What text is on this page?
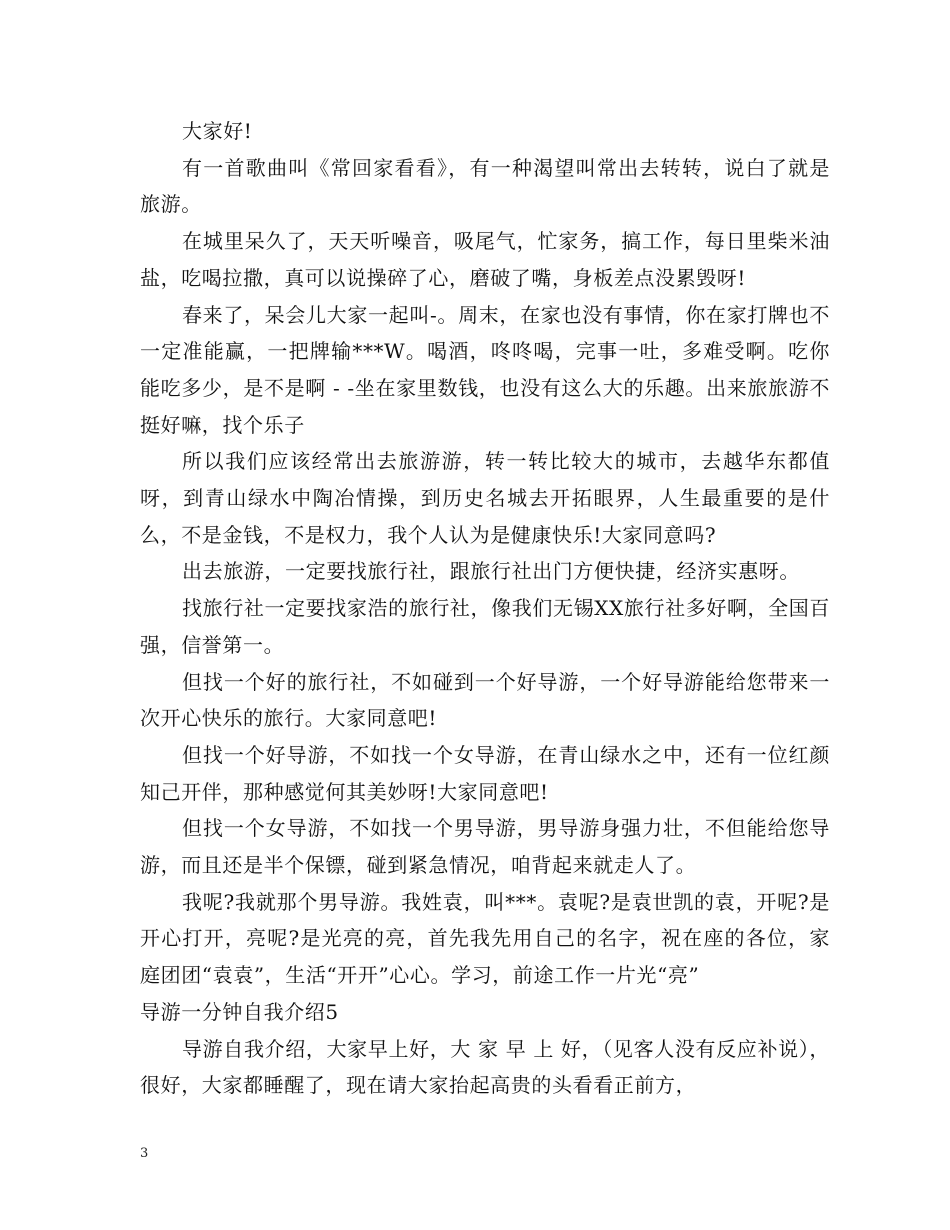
大家好!

有一首歌曲叫《常回家看看》，有一种渴望叫常出去转转，说白了就是旅游。

在城里呆久了，天天听噪音，吸尾气，忙家务，搞工作，每日里柴米油盐，吃喝拉撒，真可以说操碎了心，磨破了嘴，身板差点没累毁呀!

春来了，呆会儿大家一起叫-。周末，在家也没有事情，你在家打牌也不一定准能赢，一把牌输***W。喝酒，咚咚喝，完事一吐，多难受啊。吃你能吃多少，是不是啊 - -坐在家里数钱，也没有这么大的乐趣。出来旅旅游不挺好嘛，找个乐子

所以我们应该经常出去旅游游，转一转比较大的城市，去越华东都值呀，到青山绿水中陶冶情操，到历史名城去开拓眼界，人生最重要的是什么，不是金钱，不是权力，我个人认为是健康快乐!大家同意吗?

出去旅游，一定要找旅行社，跟旅行社出门方便快捷，经济实惠呀。

找旅行社一定要找家浩的旅行社，像我们无锡XX旅行社多好啊，全国百强，信誉第一。

但找一个好的旅行社，不如碰到一个好导游，一个好导游能给您带来一次开心快乐的旅行。大家同意吧!

但找一个好导游，不如找一个女导游，在青山绿水之中，还有一位红颜知己开伴，那种感觉何其美妙呀!大家同意吧!

但找一个女导游，不如找一个男导游，男导游身强力壮，不但能给您导游，而且还是半个保镖，碰到紧急情况，咱背起来就走人了。

我呢?我就那个男导游。我姓袁，叫***。袁呢?是袁世凯的袁，开呢?是开心打开，亮呢?是光亮的亮，首先我先用自己的名字，祝在座的各位，家庭团团“袁袁”，生活“开开”心心。学习，前途工作一片光“亮”

导游一分钟自我介绍5

导游自我介绍，大家早上好，大 家 早 上 好，（见客人没有反应补说），很好，大家都睡醒了，现在请大家抬起高贵的头看看正前方，

3
